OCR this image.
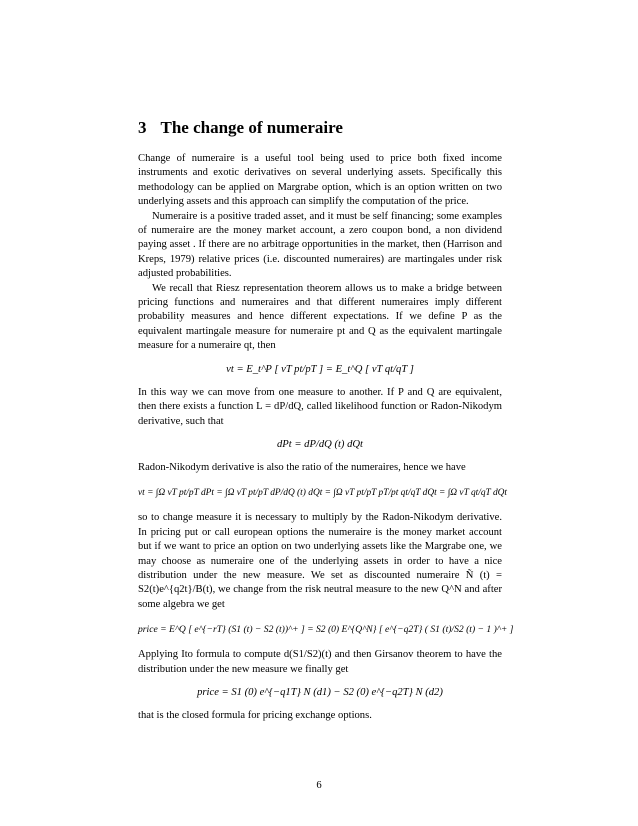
3 The change of numeraire

Change of numeraire is a useful tool being used to price both fixed income instruments and exotic derivatives on several underlying assets. Specifically this methodology can be applied on Margrabe option, which is an option written on two underlying assets and this approach can simplify the computation of the price.

Numeraire is a positive traded asset, and it must be self financing; some examples of numeraire are the money market account, a zero coupon bond, a non dividend paying asset . If there are no arbitrage opportunities in the market, then (Harrison and Kreps, 1979) relative prices (i.e. discounted numeraires) are martingales under risk adjusted probabilities.

We recall that Riesz representation theorem allows us to make a bridge between pricing functions and numeraires and that different numeraires imply different probability measures and hence different expectations. If we define P as the equivalent martingale measure for numeraire pt and Q as the equivalent martingale measure for a numeraire qt, then

vt = E_t^P [ vT pt/pT ] = E_t^Q [ vT qt/qT ]

In this way we can move from one measure to another. If P and Q are equivalent, then there exists a function L = dP/dQ, called likelihood function or Radon-Nikodym derivative, such that

dPt = dP/dQ (t) dQt

Radon-Nikodym derivative is also the ratio of the numeraires, hence we have

vt = ∫Ω vT pt/pT dPt = ∫Ω vT pt/pT dP/dQ (t) dQt = ∫Ω vT pt/pT pT/pt qt/qT dQt = ∫Ω vT qt/qT dQt

so to change measure it is necessary to multiply by the Radon-Nikodym derivative. In pricing put or call european options the numeraire is the money market account but if we want to price an option on two underlying assets like the Margrabe one, we may choose as numeraire one of the underlying assets in order to have a nice distribution under the new measure. We set as discounted numeraire Ñ (t) = S2(t)e^{q2t}/B(t), we change from the risk neutral measure to the new Q^N and after some algebra we get

price = E^Q [ e^{−rT} (S1 (t) − S2 (t))^+ ] = S2 (0) E^{Q^N} [ e^{−q2T} ( S1 (t)/S2 (t) − 1 )^+ ]

Applying Ito formula to compute d(S1/S2)(t) and then Girsanov theorem to have the distribution under the new measure we finally get

price = S1 (0) e^{−q1T} N (d1) − S2 (0) e^{−q2T} N (d2)

that is the closed formula for pricing exchange options.

6
